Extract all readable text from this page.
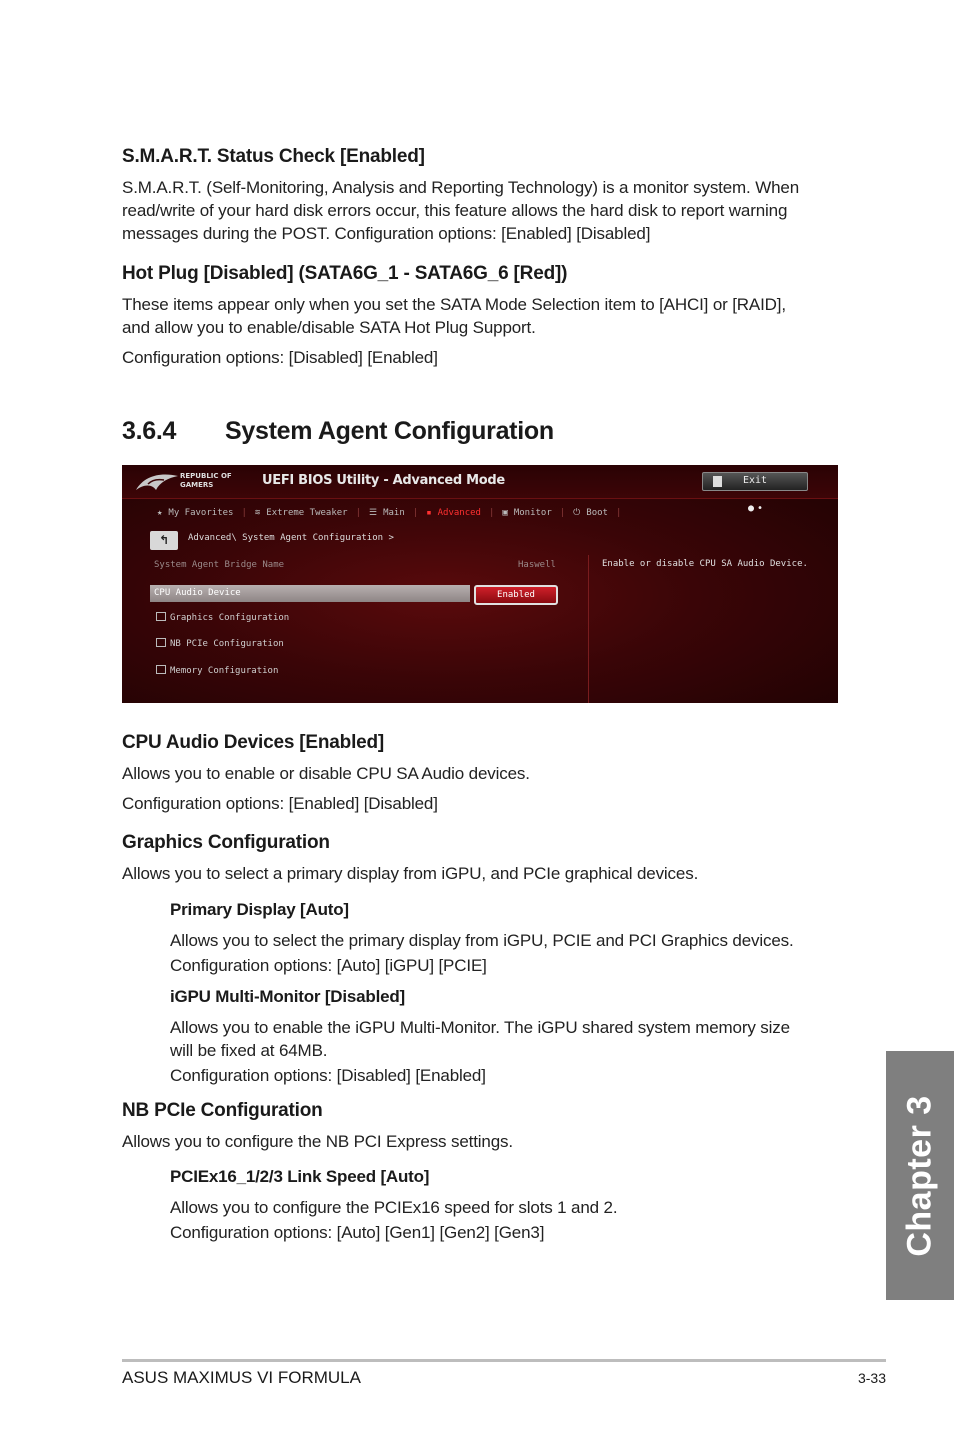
S.M.A.R.T. Status Check [Enabled]
S.M.A.R.T. (Self-Monitoring, Analysis and Reporting Technology) is a monitor system. When
read/write of your hard disk errors occur, this feature allows the hard disk to report warning
messages during the POST. Configuration options: [Enabled] [Disabled]
Hot Plug [Disabled] (SATA6G_1 - SATA6G_6 [Red])
These items appear only when you set the SATA Mode Selection item to [AHCI] or [RAID],
and allow you to enable/disable SATA Hot Plug Support.
Configuration options: [Disabled] [Enabled]
3.6.4 System Agent Configuration
REPUBLIC OF
GAMERS	UEFI BIOS Utility - Advanced Mode	Exit
★ My Favorites | ≋ Extreme Tweaker | ☰ Main | ▪ Advanced | ▣ Monitor | ⏻ Boot |	●•
↰	Advanced\ System Agent Configuration >
System Agent Bridge Name	Haswell
CPU Audio Device	Enabled
Graphics Configuration
NB PCIe Configuration
Memory Configuration
Enable or disable CPU SA Audio Device.
CPU Audio Devices [Enabled]
Allows you to enable or disable CPU SA Audio devices.
Configuration options: [Enabled] [Disabled]
Graphics Configuration
Allows you to select a primary display from iGPU, and PCIe graphical devices.
Primary Display [Auto]
Allows you to select the primary display from iGPU, PCIE and PCI Graphics devices.
Configuration options: [Auto] [iGPU] [PCIE]
iGPU Multi-Monitor [Disabled]
Allows you to enable the iGPU Multi-Monitor. The iGPU shared system memory size
will be fixed at 64MB.
Configuration options: [Disabled] [Enabled]
NB PCIe Configuration
Allows you to configure the NB PCI Express settings.
PCIEx16_1/2/3 Link Speed [Auto]
Allows you to configure the PCIEx16 speed for slots 1 and 2.
Configuration options: [Auto] [Gen1] [Gen2] [Gen3]	Chapter 3
ASUS MAXIMUS VI FORMULA	3-33
